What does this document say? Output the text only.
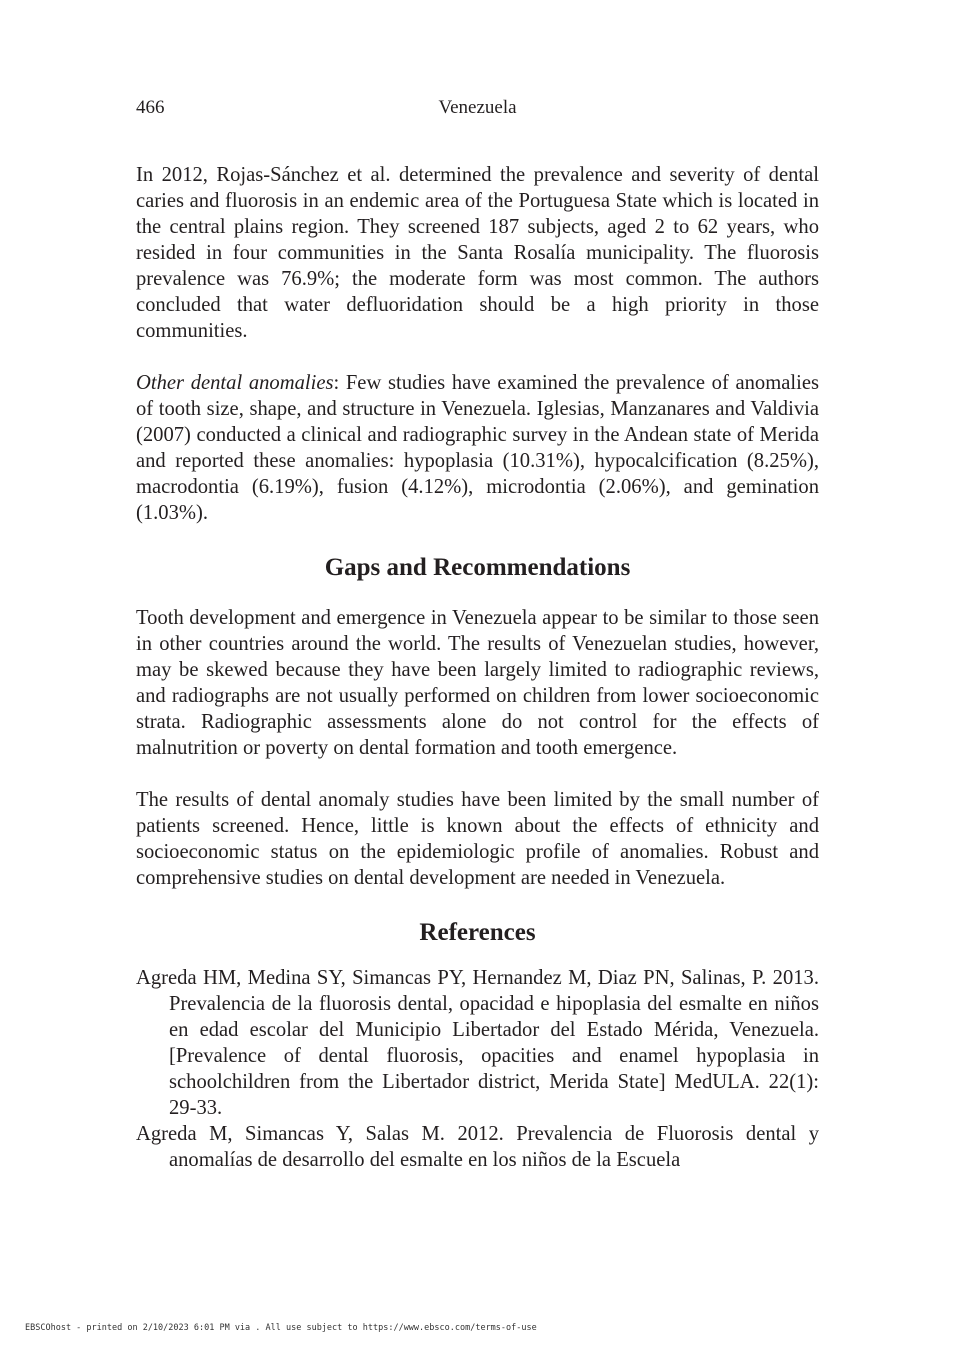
466	Venezuela

In 2012, Rojas-Sánchez et al. determined the prevalence and severity of dental caries and fluorosis in an endemic area of the Portuguesa State which is located in the central plains region. They screened 187 subjects, aged 2 to 62 years, who resided in four communities in the Santa Rosalía municipality. The fluorosis prevalence was 76.9%; the moderate form was most common. The authors concluded that water defluoridation should be a high priority in those communities.

Other dental anomalies: Few studies have examined the prevalence of anomalies of tooth size, shape, and structure in Venezuela. Iglesias, Manzanares and Valdivia (2007) conducted a clinical and radiographic survey in the Andean state of Merida and reported these anomalies: hypoplasia (10.31%), hypocalcification (8.25%), macrodontia (6.19%), fusion (4.12%), microdontia (2.06%), and gemination (1.03%).

Gaps and Recommendations

Tooth development and emergence in Venezuela appear to be similar to those seen in other countries around the world. The results of Venezuelan studies, however, may be skewed because they have been largely limited to radiographic reviews, and radiographs are not usually performed on children from lower socioeconomic strata. Radiographic assessments alone do not control for the effects of malnutrition or poverty on dental formation and tooth emergence.

The results of dental anomaly studies have been limited by the small number of patients screened. Hence, little is known about the effects of ethnicity and socioeconomic status on the epidemiologic profile of anomalies. Robust and comprehensive studies on dental development are needed in Venezuela.

References

Agreda HM, Medina SY, Simancas PY, Hernandez M, Diaz PN, Salinas, P. 2013. Prevalencia de la fluorosis dental, opacidad e hipoplasia del esmalte en niños en edad escolar del Municipio Libertador del Estado Mérida, Venezuela. [Prevalence of dental fluorosis, opacities and enamel hypoplasia in schoolchildren from the Libertador district, Merida State] MedULA. 22(1): 29-33.

Agreda M, Simancas Y, Salas M. 2012. Prevalencia de Fluorosis dental y anomalías de desarrollo del esmalte en los niños de la Escuela

EBSCOhost - printed on 2/10/2023 6:01 PM via . All use subject to https://www.ebsco.com/terms-of-use
